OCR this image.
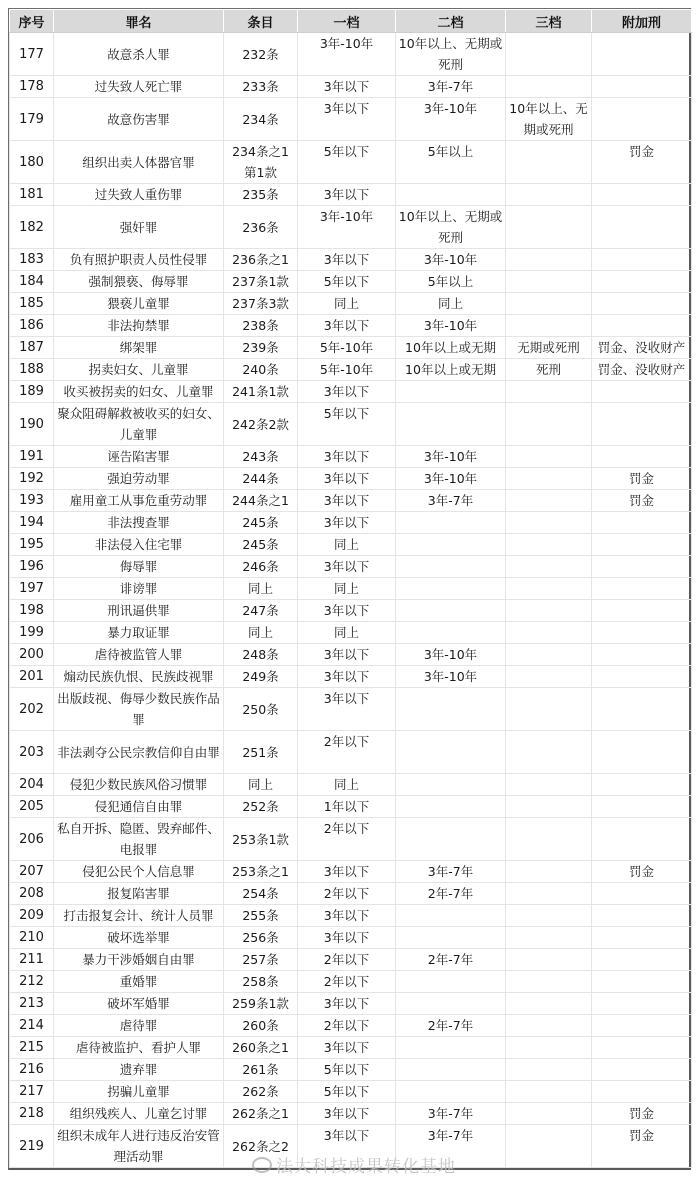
序号	罪名	条目	一档	二档	三档	附加刑
177	故意杀人罪	232条	3年-10年	10年以上、无期或死刑		
178	过失致人死亡罪	233条	3年以下	3年-7年		
179	故意伤害罪	234条	3年以下	3年-10年	10年以上、无期或死刑	
180	组织出卖人体器官罪	234条之1第1款	5年以下	5年以上		罚金
181	过失致人重伤罪	235条	3年以下			
182	强奸罪	236条	3年-10年	10年以上、无期或死刑		
183	负有照护职责人员性侵罪	236条之1	3年以下	3年-10年		
184	强制猥亵、侮辱罪	237条1款	5年以下	5年以上		
185	猥亵儿童罪	237条3款	同上	同上		
186	非法拘禁罪	238条	3年以下	3年-10年		
187	绑架罪	239条	5年-10年	10年以上或无期	无期或死刑	罚金、没收财产
188	拐卖妇女、儿童罪	240条	5年-10年	10年以上或无期	死刑	罚金、没收财产
189	收买被拐卖的妇女、儿童罪	241条1款	3年以下			
190	聚众阻碍解救被收买的妇女、儿童罪	242条2款	5年以下			
191	诬告陷害罪	243条	3年以下	3年-10年		
192	强迫劳动罪	244条	3年以下	3年-10年		罚金
193	雇用童工从事危重劳动罪	244条之1	3年以下	3年-7年		罚金
194	非法搜查罪	245条	3年以下			
195	非法侵入住宅罪	245条	同上			
196	侮辱罪	246条	3年以下			
197	诽谤罪	同上	同上			
198	刑讯逼供罪	247条	3年以下			
199	暴力取证罪	同上	同上			
200	虐待被监管人罪	248条	3年以下	3年-10年		
201	煽动民族仇恨、民族歧视罪	249条	3年以下	3年-10年		
202	出版歧视、侮辱少数民族作品罪	250条	3年以下			
203	非法剥夺公民宗教信仰自由罪	251条	2年以下			
204	侵犯少数民族风俗习惯罪	同上	同上			
205	侵犯通信自由罪	252条	1年以下			
206	私自开拆、隐匿、毁弃邮件、电报罪	253条1款	2年以下			
207	侵犯公民个人信息罪	253条之1	3年以下	3年-7年		罚金
208	报复陷害罪	254条	2年以下	2年-7年		
209	打击报复会计、统计人员罪	255条	3年以下			
210	破坏选举罪	256条	3年以下			
211	暴力干涉婚姻自由罪	257条	2年以下	2年-7年		
212	重婚罪	258条	2年以下			
213	破坏军婚罪	259条1款	3年以下			
214	虐待罪	260条	2年以下	2年-7年		
215	虐待被监护、看护人罪	260条之1	3年以下			
216	遗弃罪	261条	5年以下			
217	拐骗儿童罪	262条	5年以下			
218	组织残疾人、儿童乞讨罪	262条之1	3年以下	3年-7年		罚金
219	组织未成年人进行违反治安管理活动罪	262条之2	3年以下	3年-7年		罚金
法大科技成果转化基地
